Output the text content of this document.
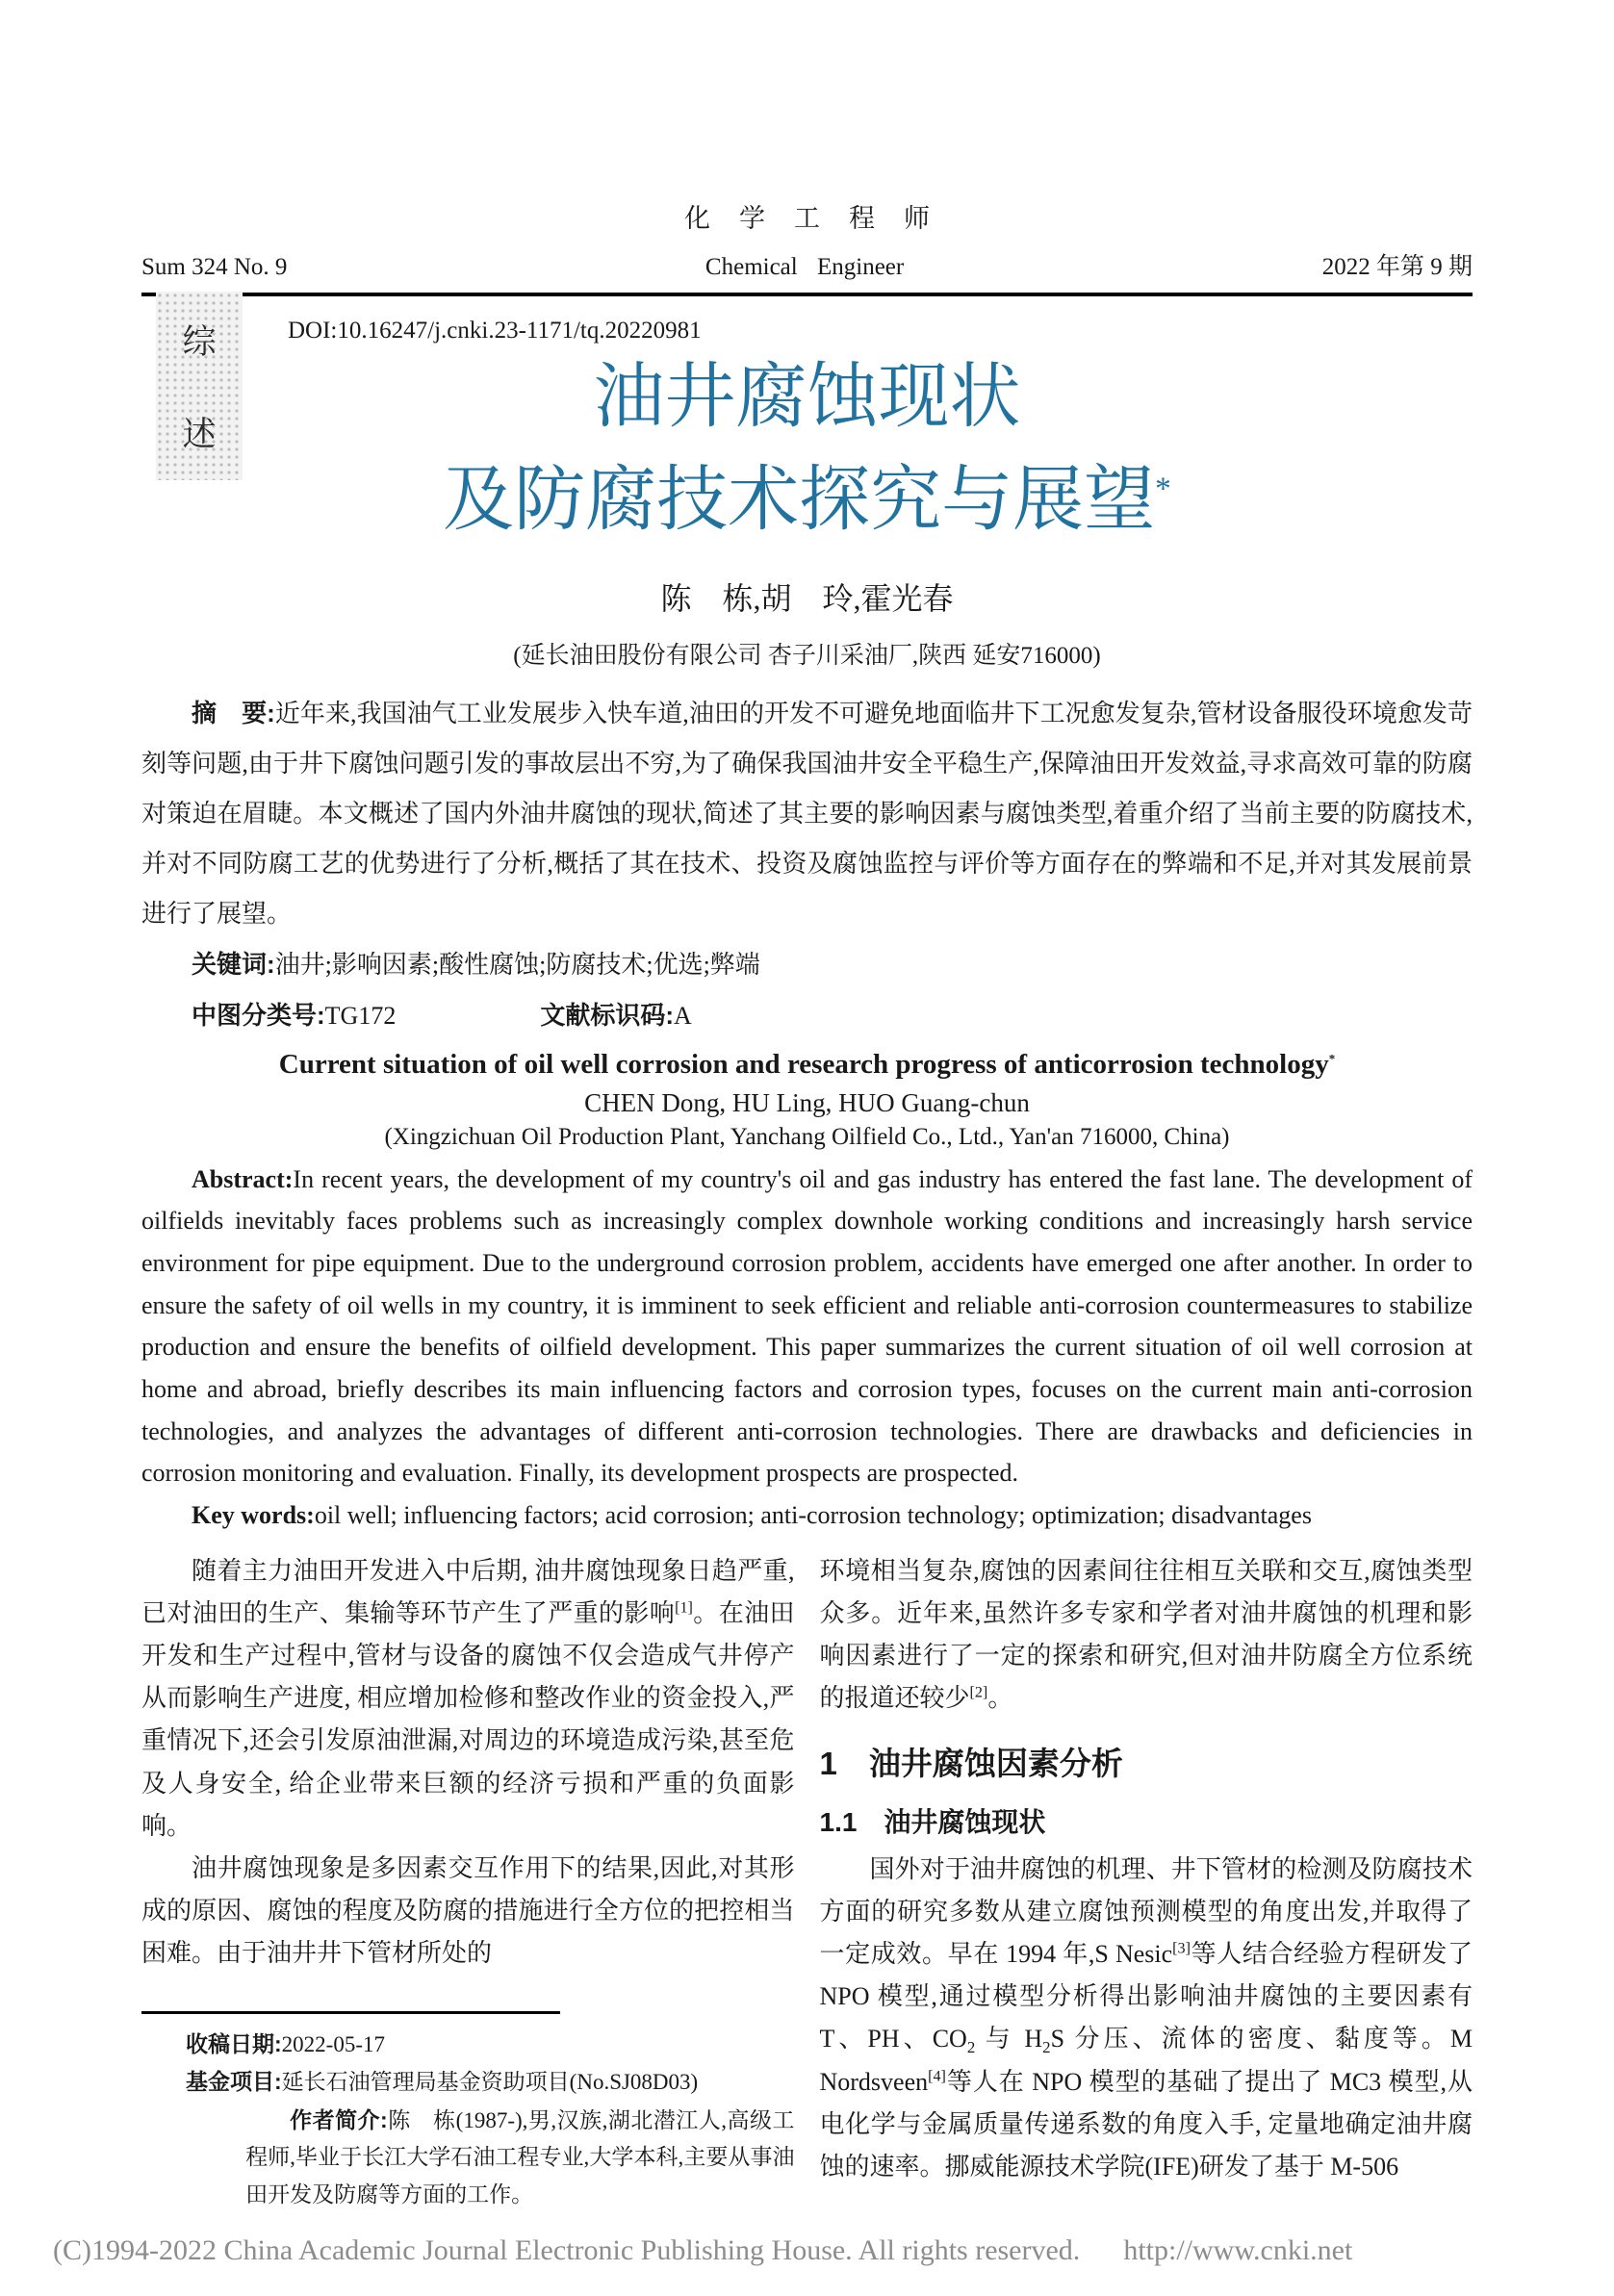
综
述
化学工程师
Sum 324 No. 9	Chemical Engineer	2022 年第 9 期
DOI:10.16247/j.cnki.23-1171/tq.20220981
油井腐蚀现状
及防腐技术探究与展望*
陈　栋,胡　玲,霍光春
(延长油田股份有限公司 杏子川采油厂,陕西 延安716000)

摘　要:近年来,我国油气工业发展步入快车道,油田的开发不可避免地面临井下工况愈发复杂,管材设备服役环境愈发苛刻等问题,由于井下腐蚀问题引发的事故层出不穷,为了确保我国油井安全平稳生产,保障油田开发效益,寻求高效可靠的防腐对策迫在眉睫。本文概述了国内外油井腐蚀的现状,简述了其主要的影响因素与腐蚀类型,着重介绍了当前主要的防腐技术,并对不同防腐工艺的优势进行了分析,概括了其在技术、投资及腐蚀监控与评价等方面存在的弊端和不足,并对其发展前景进行了展望。

关键词:油井;影响因素;酸性腐蚀;防腐技术;优选;弊端

中图分类号:TG172	文献标识码:A

Current situation of oil well corrosion and research progress of anticorrosion technology*
CHEN Dong, HU Ling, HUO Guang-chun
(Xingzichuan Oil Production Plant, Yanchang Oilfield Co., Ltd., Yan'an 716000, China)

Abstract:In recent years, the development of my country's oil and gas industry has entered the fast lane. The development of oilfields inevitably faces problems such as increasingly complex downhole working conditions and increasingly harsh service environment for pipe equipment. Due to the underground corrosion problem, accidents have emerged one after another. In order to ensure the safety of oil wells in my country, it is imminent to seek efficient and reliable anti-corrosion countermeasures to stabilize production and ensure the benefits of oilfield development. This paper summarizes the current situation of oil well corrosion at home and abroad, briefly describes its main influencing factors and corrosion types, focuses on the current main anti-corrosion technologies, and analyzes the advantages of different anti-corrosion technologies. There are drawbacks and deficiencies in corrosion monitoring and evaluation. Finally, its development prospects are prospected.

Key words:oil well; influencing factors; acid corrosion; anti-corrosion technology; optimization; disadvantages

随着主力油田开发进入中后期, 油井腐蚀现象日趋严重,已对油田的生产、集输等环节产生了严重的影响[1]。在油田开发和生产过程中,管材与设备的腐蚀不仅会造成气井停产从而影响生产进度, 相应增加检修和整改作业的资金投入,严重情况下,还会引发原油泄漏,对周边的环境造成污染,甚至危及人身安全, 给企业带来巨额的经济亏损和严重的负面影响。

油井腐蚀现象是多因素交互作用下的结果,因此,对其形成的原因、腐蚀的程度及防腐的措施进行全方位的把控相当困难。由于油井井下管材所处的

收稿日期:2022-05-17

基金项目:延长石油管理局基金资助项目(No.SJ08D03)

作者简介:陈　栋(1987-),男,汉族,湖北潜江人,高级工程师,毕业于长江大学石油工程专业,大学本科,主要从事油田开发及防腐等方面的工作。

环境相当复杂,腐蚀的因素间往往相互关联和交互,腐蚀类型众多。近年来,虽然许多专家和学者对油井腐蚀的机理和影响因素进行了一定的探索和研究,但对油井防腐全方位系统的报道还较少[2]。

1　油井腐蚀因素分析
1.1　油井腐蚀现状

国外对于油井腐蚀的机理、井下管材的检测及防腐技术方面的研究多数从建立腐蚀预测模型的角度出发,并取得了一定成效。早在 1994 年,S Nesic[3]等人结合经验方程研发了 NPO 模型,通过模型分析得出影响油井腐蚀的主要因素有 T、PH、$CO_2$ 与 $H_2S$ 分压、流体的密度、黏度等。M Nordsveen[4]等人在 NPO 模型的基础了提出了 MC3 模型,从电化学与金属质量传递系数的角度入手, 定量地确定油井腐蚀的速率。挪威能源技术学院(IFE)研发了基于 M-506

(C)1994-2022 China Academic Journal Electronic Publishing House. All rights reserved. http://www.cnki.net
